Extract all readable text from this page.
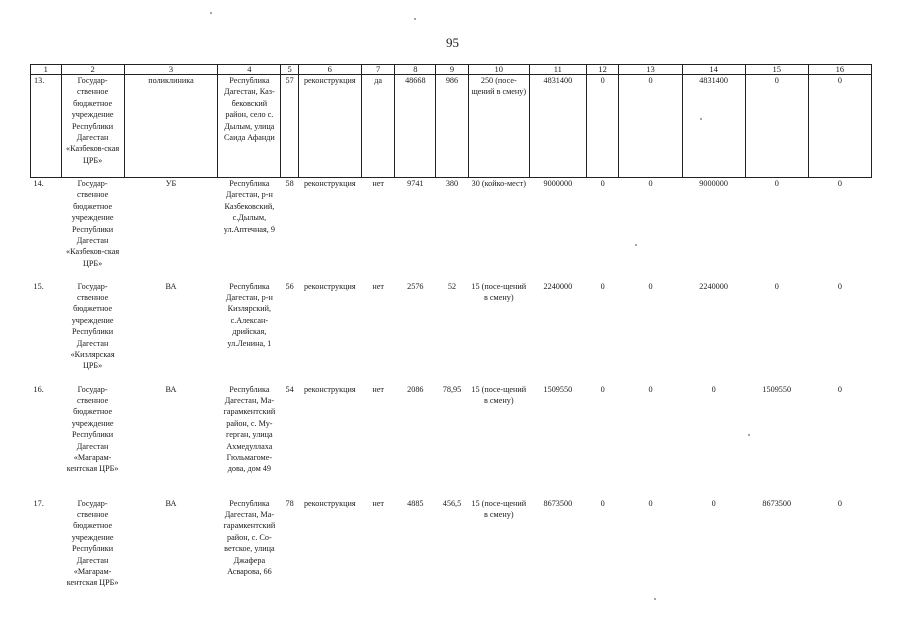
95
1	2	3	4	5	6	7	8	9	10	11	12	13	14	15	16
13.	Государ-ственное бюджетное учреждение Республики Дагестан «Казбеков-ская ЦРБ»	поликлиника	Республика Дагестан, Каз-бековский район, село с. Дылым, улица Саида Афанди	57	реконструкция	да	48668	986	250 (посе-щений в смену)	4831400	0	0	4831400	0	0
14.	Государ-ственное бюджетное учреждение Республики Дагестан «Казбеков-ская ЦРБ»	УБ	Республика Дагестан, р-н Казбековский, с.Дылым, ул.Аптечная, 9	58	реконструкция	нет	9741	380	30 (койко-мест)	9000000	0	0	9000000	0	0
15.	Государ-ственное бюджетное учреждение Республики Дагестан «Кизлярская ЦРБ»	ВА	Республика Дагестан, р-н Кизлярский, с.Алексан-дрийская, ул.Ленина, 1	56	реконструкция	нет	2576	52	15 (посе-щений в смену)	2240000	0	0	2240000	0	0
16.	Государ-ственное бюджетное учреждение Республики Дагестан «Магарам-кентская ЦРБ»	ВА	Республика Дагестан, Ма-гарамкентский район, с. Му-герган, улица Ахмедуллаха Гюльмагоме-дова, дом 49	54	реконструкция	нет	2086	78,95	15 (посе-щений в смену)	1509550	0	0	0	1509550	0
17.	Государ-ственное бюджетное учреждение Республики Дагестан «Магарам-кентская ЦРБ»	ВА	Республика Дагестан, Ма-гарамкентский район, с. Со-ветское, улица Джафера Асварова, 66	78	реконструкция	нет	4885	456,5	15 (посе-щений в смену)	8673500	0	0	0	8673500	0
